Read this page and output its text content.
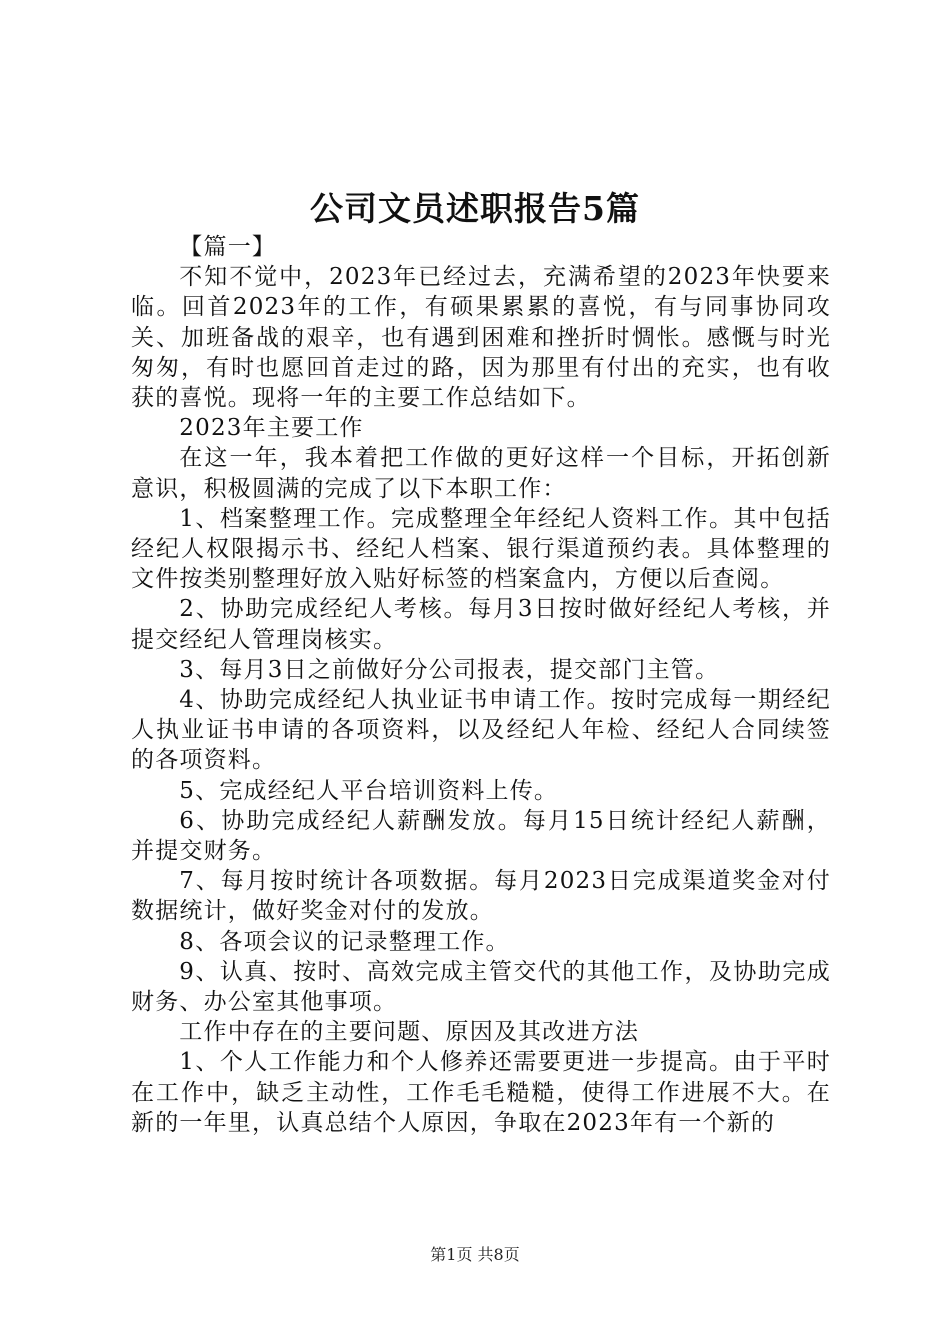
公司文员述职报告5篇

【篇一】

不知不觉中，2023年已经过去，充满希望的2023年快要来临。回首2023年的工作，有硕果累累的喜悦，有与同事协同攻关、加班备战的艰辛，也有遇到困难和挫折时惆怅。感慨与时光匆匆，有时也愿回首走过的路，因为那里有付出的充实，也有收获的喜悦。现将一年的主要工作总结如下。

2023年主要工作

在这一年，我本着把工作做的更好这样一个目标，开拓创新意识，积极圆满的完成了以下本职工作：

1、档案整理工作。完成整理全年经纪人资料工作。其中包括经纪人权限揭示书、经纪人档案、银行渠道预约表。具体整理的文件按类别整理好放入贴好标签的档案盒内，方便以后查阅。

2、协助完成经纪人考核。每月3日按时做好经纪人考核，并提交经纪人管理岗核实。

3、每月3日之前做好分公司报表，提交部门主管。

4、协助完成经纪人执业证书申请工作。按时完成每一期经纪人执业证书申请的各项资料，以及经纪人年检、经纪人合同续签的各项资料。

5、完成经纪人平台培训资料上传。

6、协助完成经纪人薪酬发放。每月15日统计经纪人薪酬，并提交财务。

7、每月按时统计各项数据。每月2023日完成渠道奖金对付数据统计，做好奖金对付的发放。

8、各项会议的记录整理工作。

9、认真、按时、高效完成主管交代的其他工作，及协助完成财务、办公室其他事项。

工作中存在的主要问题、原因及其改进方法

1、个人工作能力和个人修养还需要更进一步提高。由于平时在工作中，缺乏主动性，工作毛毛糙糙，使得工作进展不大。在新的一年里，认真总结个人原因，争取在2023年有一个新的

第1页 共8页
